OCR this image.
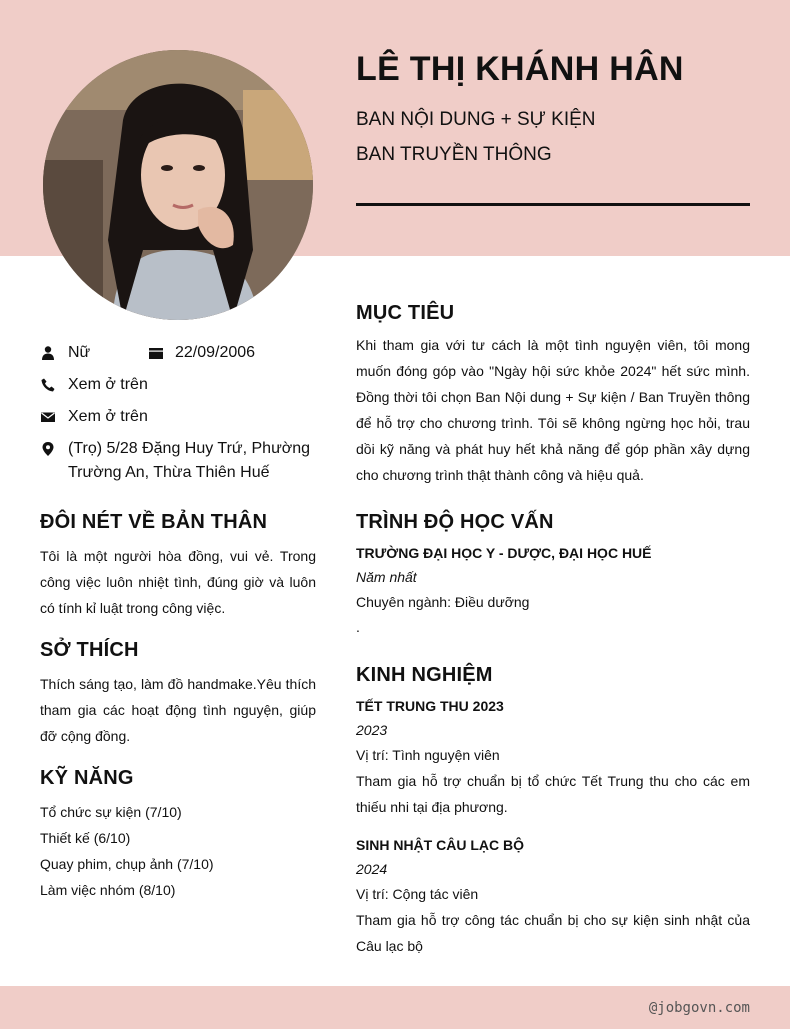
LÊ THỊ KHÁNH HÂN
BAN NỘI DUNG + SỰ KIỆN
BAN TRUYỀN THÔNG
Nữ	22/09/2006
Xem ở trên
Xem ở trên
(Trọ) 5/28 Đặng Huy Trứ, Phường Trường An, Thừa Thiên Huế
ĐÔI NÉT VỀ BẢN THÂN

Tôi là một người hòa đồng, vui vẻ. Trong công việc luôn nhiệt tình, đúng giờ và luôn có tính kỉ luật trong công việc.

SỞ THÍCH

Thích sáng tạo, làm đồ handmake.Yêu thích tham gia các hoạt động tình nguyện, giúp đỡ cộng đồng.

KỸ NĂNG
Tổ chức sự kiện (7/10)
Thiết kế (6/10)
Quay phim, chụp ảnh (7/10)
Làm việc nhóm (8/10)
MỤC TIÊU

Khi tham gia với tư cách là một tình nguyện viên, tôi mong muốn đóng góp vào "Ngày hội sức khỏe 2024" hết sức mình. Đồng thời tôi chọn Ban Nội dung + Sự kiện / Ban Truyền thông để hỗ trợ cho chương trình. Tôi sẽ không ngừng học hỏi, trau dồi kỹ năng và phát huy hết khả năng để góp phần xây dựng cho chương trình thật thành công và hiệu quả.

TRÌNH ĐỘ HỌC VẤN
TRƯỜNG ĐẠI HỌC Y - DƯỢC, ĐẠI HỌC HUẾ
Năm nhất
Chuyên ngành: Điều dưỡng
.
KINH NGHIỆM
TẾT TRUNG THU 2023
2023
Vị trí: Tình nguyện viên

Tham gia hỗ trợ chuẩn bị tổ chức Tết Trung thu cho các em thiếu nhi tại địa phương.

SINH NHẬT CÂU LẠC BỘ
2024
Vị trí: Cộng tác viên

Tham gia hỗ trợ công tác chuẩn bị cho sự kiện sinh nhật của Câu lạc bộ

@jobgovn.com
